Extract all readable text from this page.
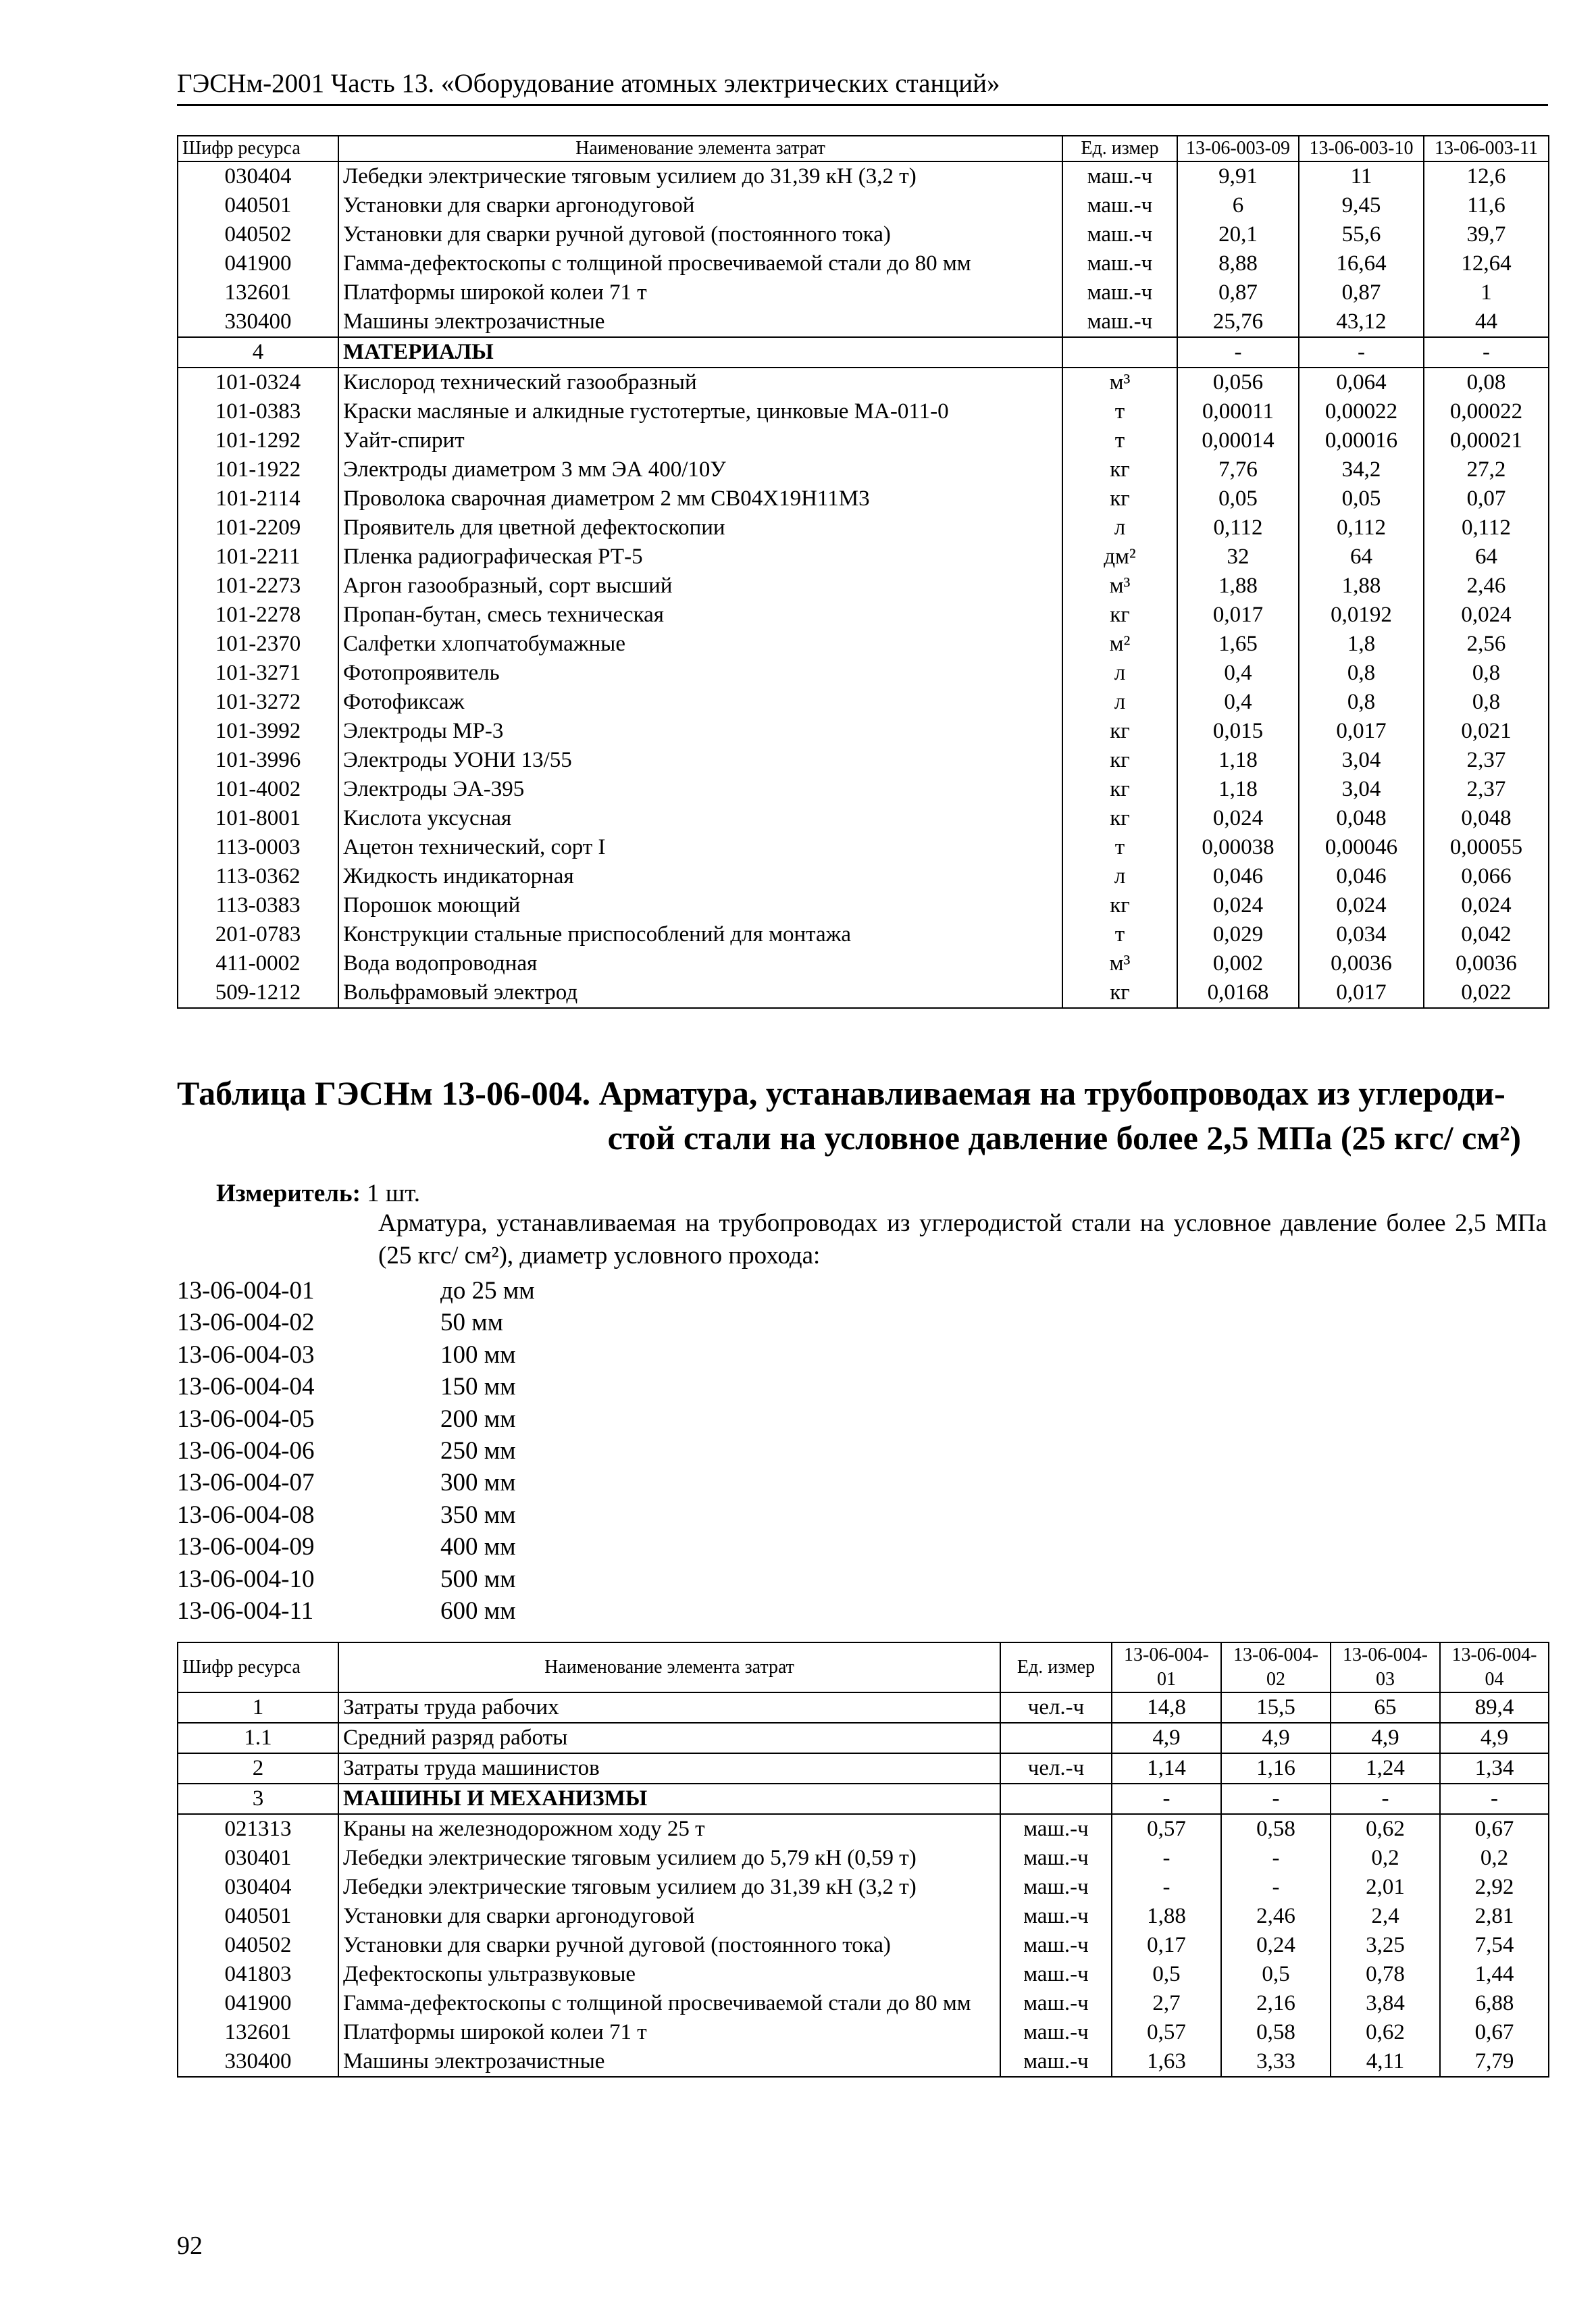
ГЭСНм-2001 Часть 13. «Оборудование атомных электрических станций»
Шифр ресурса	Наименование элемента затрат	Ед. измер	13-06-003-09	13-06-003-10	13-06-003-11
030404	Лебедки электрические тяговым усилием до 31,39 кН (3,2 т)	маш.-ч	9,91	11	12,6
040501	Установки для сварки аргонодуговой	маш.-ч	6	9,45	11,6
040502	Установки для сварки ручной дуговой (постоянного тока)	маш.-ч	20,1	55,6	39,7
041900	Гамма-дефектоскопы с толщиной просвечиваемой стали до 80 мм	маш.-ч	8,88	16,64	12,64
132601	Платформы широкой колеи 71 т	маш.-ч	0,87	0,87	1
330400	Машины электрозачистные	маш.-ч	25,76	43,12	44
4	МАТЕРИАЛЫ		-	-	-
101-0324	Кислород технический газообразный	м³	0,056	0,064	0,08
101-0383	Краски масляные и алкидные густотертые, цинковые МА-011-0	т	0,00011	0,00022	0,00022
101-1292	Уайт-спирит	т	0,00014	0,00016	0,00021
101-1922	Электроды диаметром 3 мм ЭА 400/10У	кг	7,76	34,2	27,2
101-2114	Проволока сварочная диаметром 2 мм СВ04Х19Н11М3	кг	0,05	0,05	0,07
101-2209	Проявитель для цветной дефектоскопии	л	0,112	0,112	0,112
101-2211	Пленка радиографическая РТ-5	дм²	32	64	64
101-2273	Аргон газообразный, сорт высший	м³	1,88	1,88	2,46
101-2278	Пропан-бутан, смесь техническая	кг	0,017	0,0192	0,024
101-2370	Салфетки хлопчатобумажные	м²	1,65	1,8	2,56
101-3271	Фотопроявитель	л	0,4	0,8	0,8
101-3272	Фотофиксаж	л	0,4	0,8	0,8
101-3992	Электроды МР-3	кг	0,015	0,017	0,021
101-3996	Электроды УОНИ 13/55	кг	1,18	3,04	2,37
101-4002	Электроды ЭА-395	кг	1,18	3,04	2,37
101-8001	Кислота уксусная	кг	0,024	0,048	0,048
113-0003	Ацетон технический, сорт I	т	0,00038	0,00046	0,00055
113-0362	Жидкость индикаторная	л	0,046	0,046	0,066
113-0383	Порошок моющий	кг	0,024	0,024	0,024
201-0783	Конструкции стальные приспособлений для монтажа	т	0,029	0,034	0,042
411-0002	Вода водопроводная	м³	0,002	0,0036	0,0036
509-1212	Вольфрамовый электрод	кг	0,0168	0,017	0,022
Таблица ГЭСНм 13-06-004. Арматура, устанавливаемая на трубопроводах из углероди-
стой стали на условное давление более 2,5 МПа (25 кгс/ см²)
Измеритель: 1 шт.
Арматура, устанавливаемая на трубопроводах из углеродистой стали на условное давление более 2,5 МПа (25 кгс/ см²), диаметр условного прохода:
13-06-004-01	до 25 мм
13-06-004-02	50 мм
13-06-004-03	100 мм
13-06-004-04	150 мм
13-06-004-05	200 мм
13-06-004-06	250 мм
13-06-004-07	300 мм
13-06-004-08	350 мм
13-06-004-09	400 мм
13-06-004-10	500 мм
13-06-004-11	600 мм
Шифр ресурса	Наименование элемента затрат	Ед. измер	13-06-004-01	13-06-004-02	13-06-004-03	13-06-004-04
1	Затраты труда рабочих	чел.-ч	14,8	15,5	65	89,4
1.1	Средний разряд работы		4,9	4,9	4,9	4,9
2	Затраты труда машинистов	чел.-ч	1,14	1,16	1,24	1,34
3	МАШИНЫ И МЕХАНИЗМЫ		-	-	-	-
021313	Краны на железнодорожном ходу 25 т	маш.-ч	0,57	0,58	0,62	0,67
030401	Лебедки электрические тяговым усилием до 5,79 кН (0,59 т)	маш.-ч	-	-	0,2	0,2
030404	Лебедки электрические тяговым усилием до 31,39 кН (3,2 т)	маш.-ч	-	-	2,01	2,92
040501	Установки для сварки аргонодуговой	маш.-ч	1,88	2,46	2,4	2,81
040502	Установки для сварки ручной дуговой (постоянного тока)	маш.-ч	0,17	0,24	3,25	7,54
041803	Дефектоскопы ультразвуковые	маш.-ч	0,5	0,5	0,78	1,44
041900	Гамма-дефектоскопы с толщиной просвечиваемой стали до 80 мм	маш.-ч	2,7	2,16	3,84	6,88
132601	Платформы широкой колеи 71 т	маш.-ч	0,57	0,58	0,62	0,67
330400	Машины электрозачистные	маш.-ч	1,63	3,33	4,11	7,79
92
